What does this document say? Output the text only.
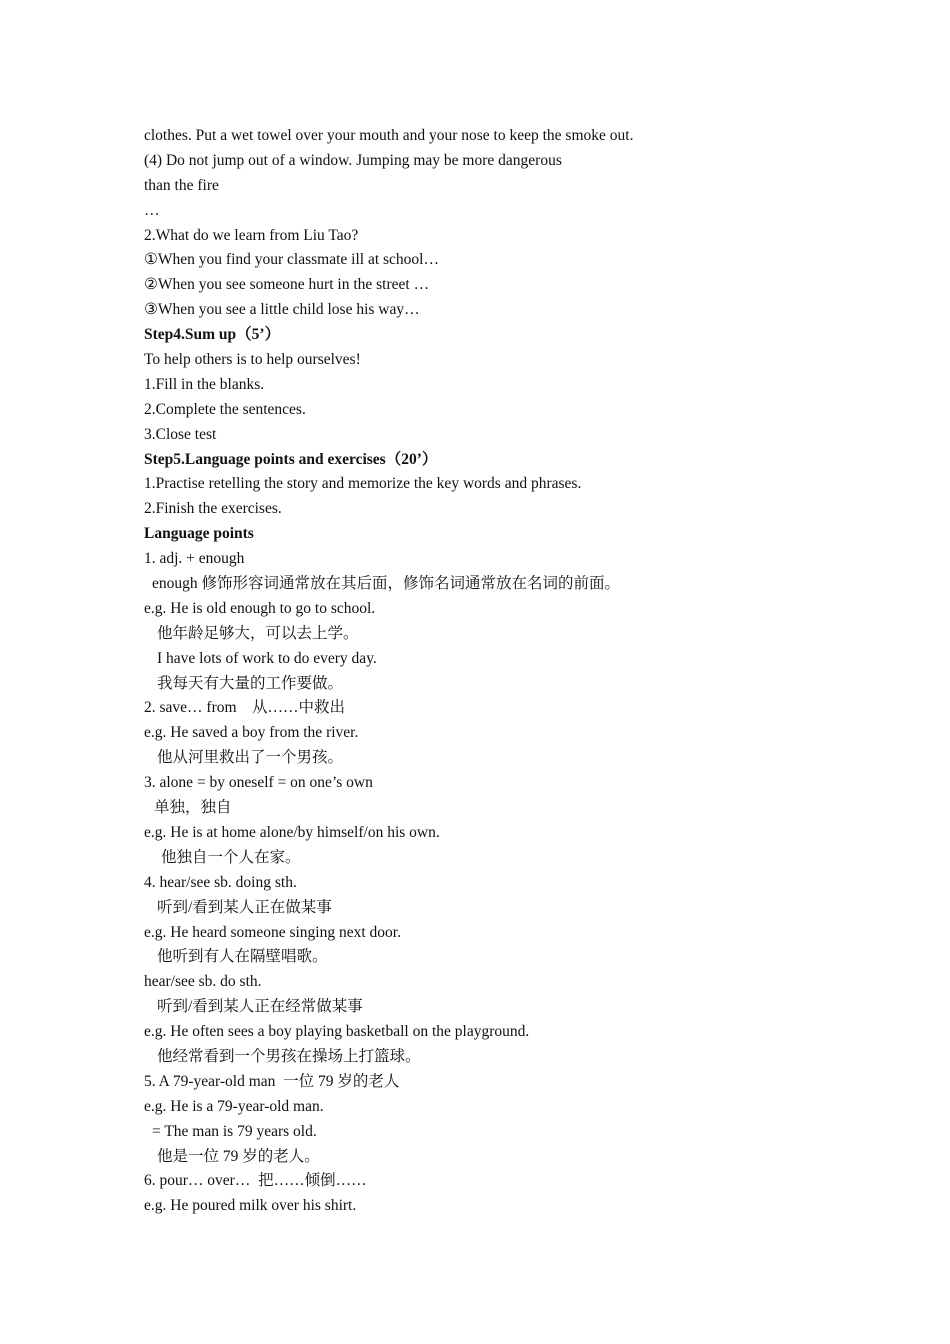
clothes. Put a wet towel over your mouth and your nose to keep the smoke out.
(4) Do not jump out of a window. Jumping may be more dangerous
than the fire
…
2.What do we learn from Liu Tao?
①When you find your classmate ill at school…
②When you see someone hurt in the street …
③When you see a little child lose his way…
Step4.Sum up（5’）
To help others is to help ourselves!
1.Fill in the blanks.
2.Complete the sentences.
3.Close test
Step5.Language points and exercises（20’）
1.Practise retelling the story and memorize the key words and phrases.
2.Finish the exercises.
Language points
1. adj. + enough
enough 修饰形容词通常放在其后面，修饰名词通常放在名词的前面。
e.g. He is old enough to go to school.
他年龄足够大，可以去上学。
I have lots of work to do every day.
我每天有大量的工作要做。
2. save… from    从……中救出
e.g. He saved a boy from the river.
他从河里救出了一个男孩。
3. alone = by oneself = on one’s own
单独，独自
e.g. He is at home alone/by himself/on his own.
他独自一个人在家。
4. hear/see sb. doing sth.
听到/看到某人正在做某事
e.g. He heard someone singing next door.
他听到有人在隔壁唱歌。
hear/see sb. do sth.
听到/看到某人正在经常做某事
e.g. He often sees a boy playing basketball on the playground.
他经常看到一个男孩在操场上打篮球。
5. A 79-year-old man  一位 79 岁的老人
e.g. He is a 79-year-old man.
= The man is 79 years old.
他是一位 79 岁的老人。
6. pour… over…  把……倾倒……
e.g. He poured milk over his shirt.
